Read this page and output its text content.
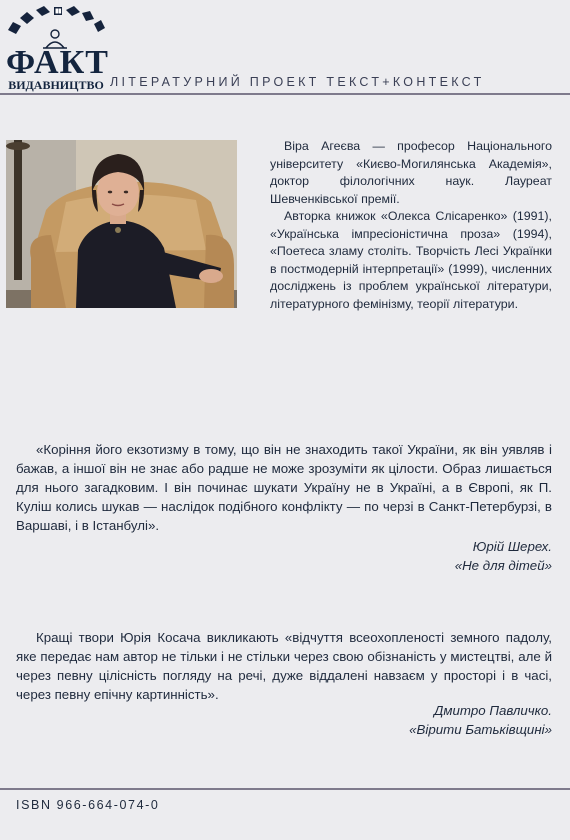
ФАКТ
ВИДАВНИЦТВО ЛІТЕРАТУРНИЙ ПРОЕКТ ТЕКСТ+КОНТЕКСТ

Віра Агеєва — професор Національного університету «Києво-Могилянська Академія», доктор філологічних наук. Лауреат Шевченківської премії.

Авторка книжок «Олекса Слісаренко» (1991), «Українська імпресіоністична проза» (1994), «Поетеса зламу століть. Творчість Лесі Українки в постмодерній інтерпретації» (1999), численних досліджень із проблем української літератури, літературного фемінізму, теорії літератури.

«Коріння його екзотизму в тому, що він не знаходить такої України, як він уявляв і бажав, а іншої він не знає або радше не може зрозуміти як цілости. Образ лишається для нього загадковим. І він починає шукати Україну не в Україні, а в Європі, як П. Куліш колись шукав — наслідок подібного конфлікту — по черзі в Санкт-Петербурзі, в Варшаві, і в Істанбулі».

Юрій Шерех.
«Не для дітей»

Кращі твори Юрія Косача викликають «відчуття всеохопленості земного падолу, яке передає нам автор не тільки і не стільки через свою обізнаність у мистецтві, але й через певну цілісність погляду на речі, дуже віддалені навзаєм у просторі і в часі, через певну епічну картинність».

Дмитро Павличко.
«Вірити Батьківщині»
ISBN 966-664-074-0
